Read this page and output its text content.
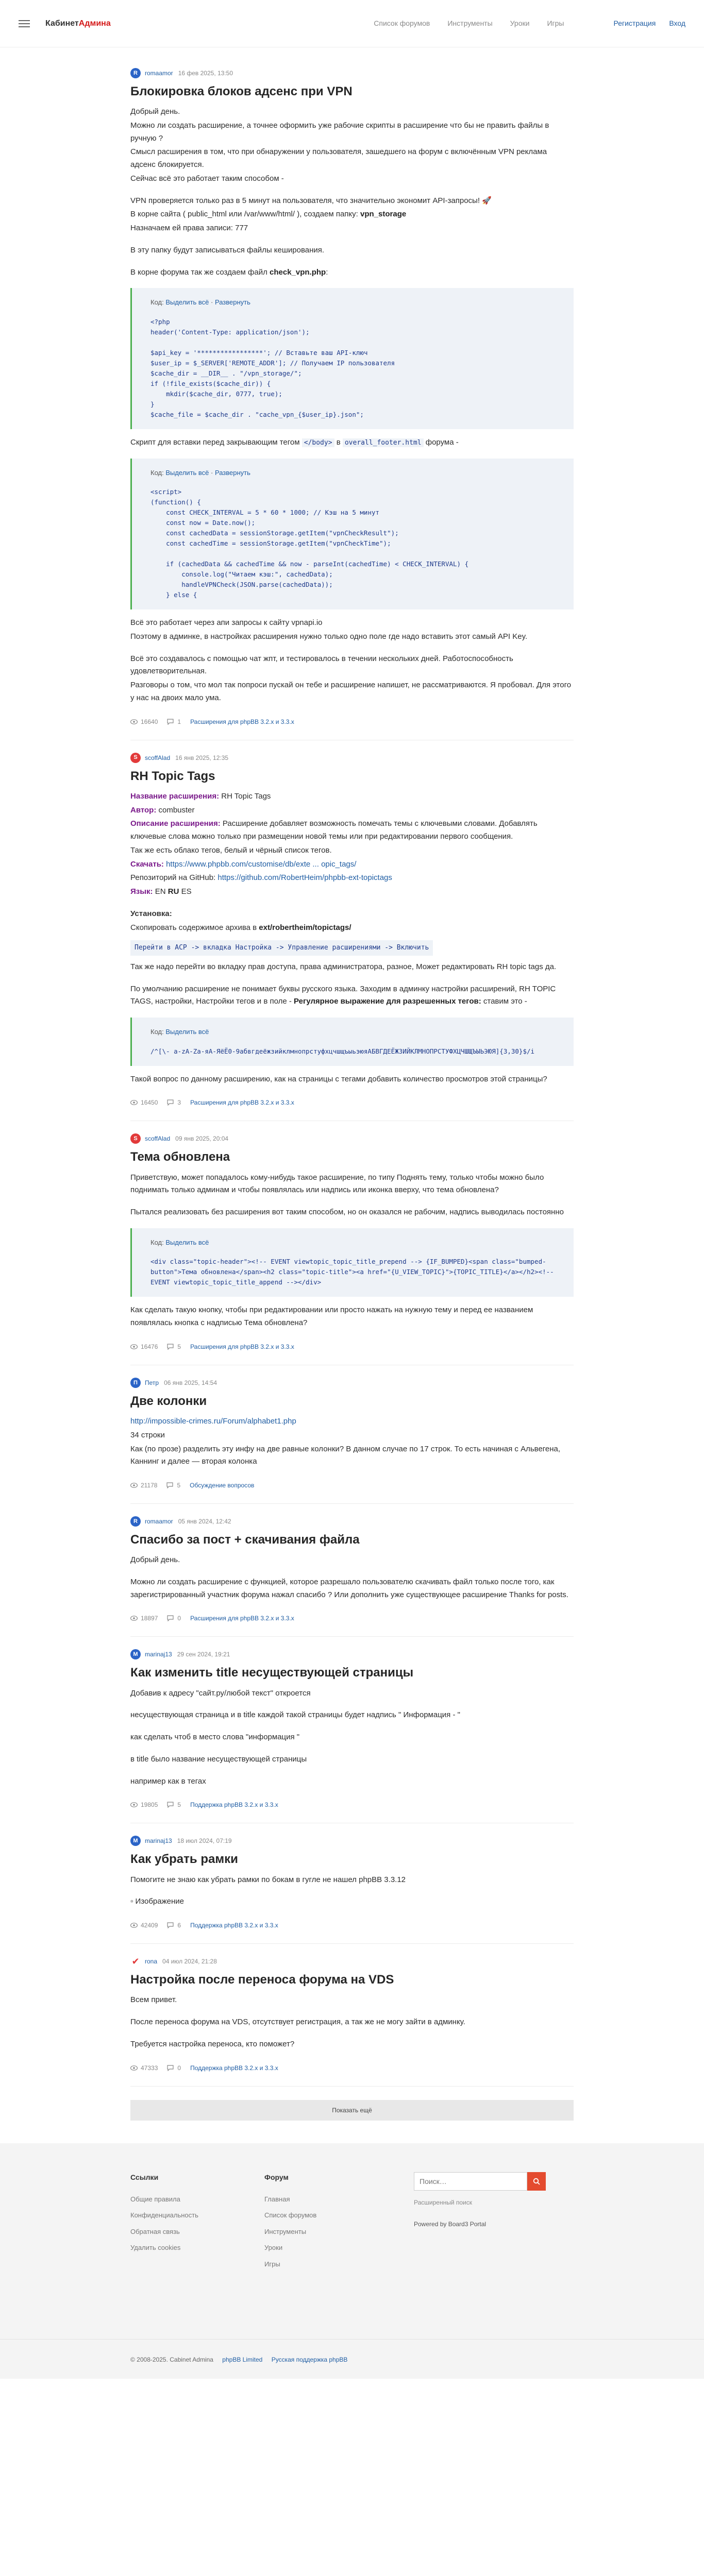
Кабинет Админа	Список форумов Инструменты Уроки Игры	Регистрация Вход
R	romaamor 16 фев 2025, 13:50
Блокировка блоков адсенс при VPN

Добрый день.

Можно ли создать расширение, а точнее оформить уже рабочие скрипты в расширение что бы не править файлы в ручную ?

Смысл расширения в том, что при обнаружении у пользователя, зашедшего на форум с включённым VPN реклама адсенс блокируется.

Сейчас всё это работает таким способом -

VPN проверяется только раз в 5 минут на пользователя, что значительно экономит API-запросы! 🚀

В корне сайта ( public_html или /var/www/html/ ), создаем папку: vpn_storage

Назначаем ей права записи: 777

В эту папку будут записываться файлы кеширования.

В корне форума так же создаем файл check_vpn.php:

Код: Выделить всё · Развернуть
<?php
header('Content-Type: application/json');

$api_key = '*****************'; // Вставьте ваш API-ключ
$user_ip = $_SERVER['REMOTE_ADDR']; // Получаем IP пользователя
$cache_dir = __DIR__ . "/vpn_storage/";
if (!file_exists($cache_dir)) {
mkdir($cache_dir, 0777, true);
}
$cache_file = $cache_dir . "cache_vpn_{$user_ip}.json";

Скрипт для вставки перед закрывающим тегом </body> в overall_footer.html форума -

Код: Выделить всё · Развернуть
<script>
(function() {
const CHECK_INTERVAL = 5 * 60 * 1000; // Кэш на 5 минут
const now = Date.now();
const cachedData = sessionStorage.getItem("vpnCheckResult");
const cachedTime = sessionStorage.getItem("vpnCheckTime");

if (cachedData && cachedTime && now - parseInt(cachedTime) < CHECK_INTERVAL) {
console.log("Читаем кэш:", cachedData);
handleVPNCheck(JSON.parse(cachedData));
} else {

Всё это работает через апи запросы к сайту vpnapi.io

Поэтому в админке, в настройках расширения нужно только одно поле где надо вставить этот самый API Key.

Всё это создавалось с помощью чат жпт, и тестировалось в течении нескольких дней. Работоспособность удовлетворительная.

Разговоры о том, что мол так попроси пускай он тебе и расширение напишет, не рассматриваются. Я пробовал. Для этого у нас на двоих мало ума.

16640	1 Расширения для phpBB 3.2.x и 3.3.x
S	scoffAlad 16 янв 2025, 12:35
RH Topic Tags

Название расширения: RH Topic Tags

Автор: combuster

Описание расширения: Расширение добавляет возможность помечать темы с ключевыми словами. Добавлять ключевые слова можно только при размещении новой темы или при редактировании первого сообщения.

Так же есть облако тегов, белый и чёрный список тегов.

Скачать: https://www.phpbb.com/customise/db/exte ... opic_tags/

Репозиторий на GitHub: https://github.com/RobertHeim/phpbb-ext-topictags

Язык: EN RU ES

Установка:

Скопировать содержимое архива в ext/robertheim/topictags/

Перейти в ACP -> вкладка Настройка -> Управление расширениями -> Включить

Так же надо перейти во вкладку прав доступа, права администратора, разное, Может редактировать RH topic tags да.

По умолчанию расширение не понимает буквы русского языка. Заходим в админку настройки расширений, RH TOPIC TAGS, настройки, Настройки тегов и в поле - Регулярное выражение для разрешенных тегов: ставим это -

Код: Выделить всё
/^[\- a-zA-Zа-яА-ЯёЁ0-9абвгдеёжзийклмнопрстуфхцчшщъыьэюяАБВГДЕЁЖЗИЙКЛМНОПРСТУФХЦЧШЩЪЫЬЭЮЯ]{3,30}$/i

Такой вопрос по данному расширению, как на страницы с тегами добавить количество просмотров этой страницы?

16450	3 Расширения для phpBB 3.2.x и 3.3.x
S	scoffAlad 09 янв 2025, 20:04
Тема обновлена

Приветствую, может попадалось кому-нибудь такое расширение, по типу Поднять тему, только чтобы можно было поднимать только админам и чтобы появлялась или надпись или иконка вверху, что тема обновлена?

Пытался реализовать без расширения вот таким способом, но он оказался не рабочим, надпись выводилась постоянно

Код: Выделить всё
<div class="topic-header"><!-- EVENT viewtopic_topic_title_prepend --> {IF_BUMPED}<span class="bumped-button">Тема обновлена</span><h2 class="topic-title"><a href="{U_VIEW_TOPIC}">{TOPIC_TITLE}</a></h2><!-- EVENT viewtopic_topic_title_append --></div>

Как сделать такую кнопку, чтобы при редактировании или просто нажать на нужную тему и перед ее названием появлялась кнопка с надписью Тема обновлена?

16476	5 Расширения для phpBB 3.2.x и 3.3.x
П	Петр 06 янв 2025, 14:54
Две колонки

http://impossible-crimes.ru/Forum/alphabet1.php

34 строки

Как (по прозе) разделить эту инфу на две равные колонки? В данном случае по 17 строк. То есть начиная с Альвегена, Каннинг и далее — вторая колонка

21178	5 Обсуждение вопросов
R	romaamor 05 янв 2024, 12:42
Спасибо за пост + скачивания файла

Добрый день.

Можно ли создать расширение с функцией, которое разрешало пользователю скачивать файл только после того, как зарегистрированный участник форума нажал спасибо ? Или дополнить уже существующее расширение Thanks for posts.

18897	0 Расширения для phpBB 3.2.x и 3.3.x
M	marinaj13 29 сен 2024, 19:21
Как изменить title несуществующей страницы

Добавив к адресу "сайт.ру/любой текст" откроется

несуществующая страница и в title каждой такой страницы будет надпись " Информация - "

как сделать чтоб в место слова "информация "

в title было название несуществующей страницы

например как в тегах

19805	5 Поддержка phpBB 3.2.x и 3.3.x
M	marinaj13 18 июл 2024, 07:19
Как убрать рамки

Помогите не знаю как убрать рамки по бокам в гугле не нашел phpBB 3.3.12

▫ Изображение

42409	6 Поддержка phpBB 3.2.x и 3.3.x
✔ rona 04 июл 2024, 21:28
Настройка после переноса форума на VDS

Всем привет.

После переноса форума на VDS, отсутствует регистрация, а так же не могу зайти в админку.

Требуется настройка переноса, кто поможет?

47333	0 Поддержка phpBB 3.2.x и 3.3.x
Показать ещё
Ссылки
Общие правила
Конфиденциальность
Обратная связь
Удалить cookies
Форум
Главная
Список форумов
Инструменты
Уроки
Игры
Поиск…
Расширенный поиск
Powered by Board3 Portal
© 2008-2025. Cabinet Admina phpBB Limited Русская поддержка phpBB
